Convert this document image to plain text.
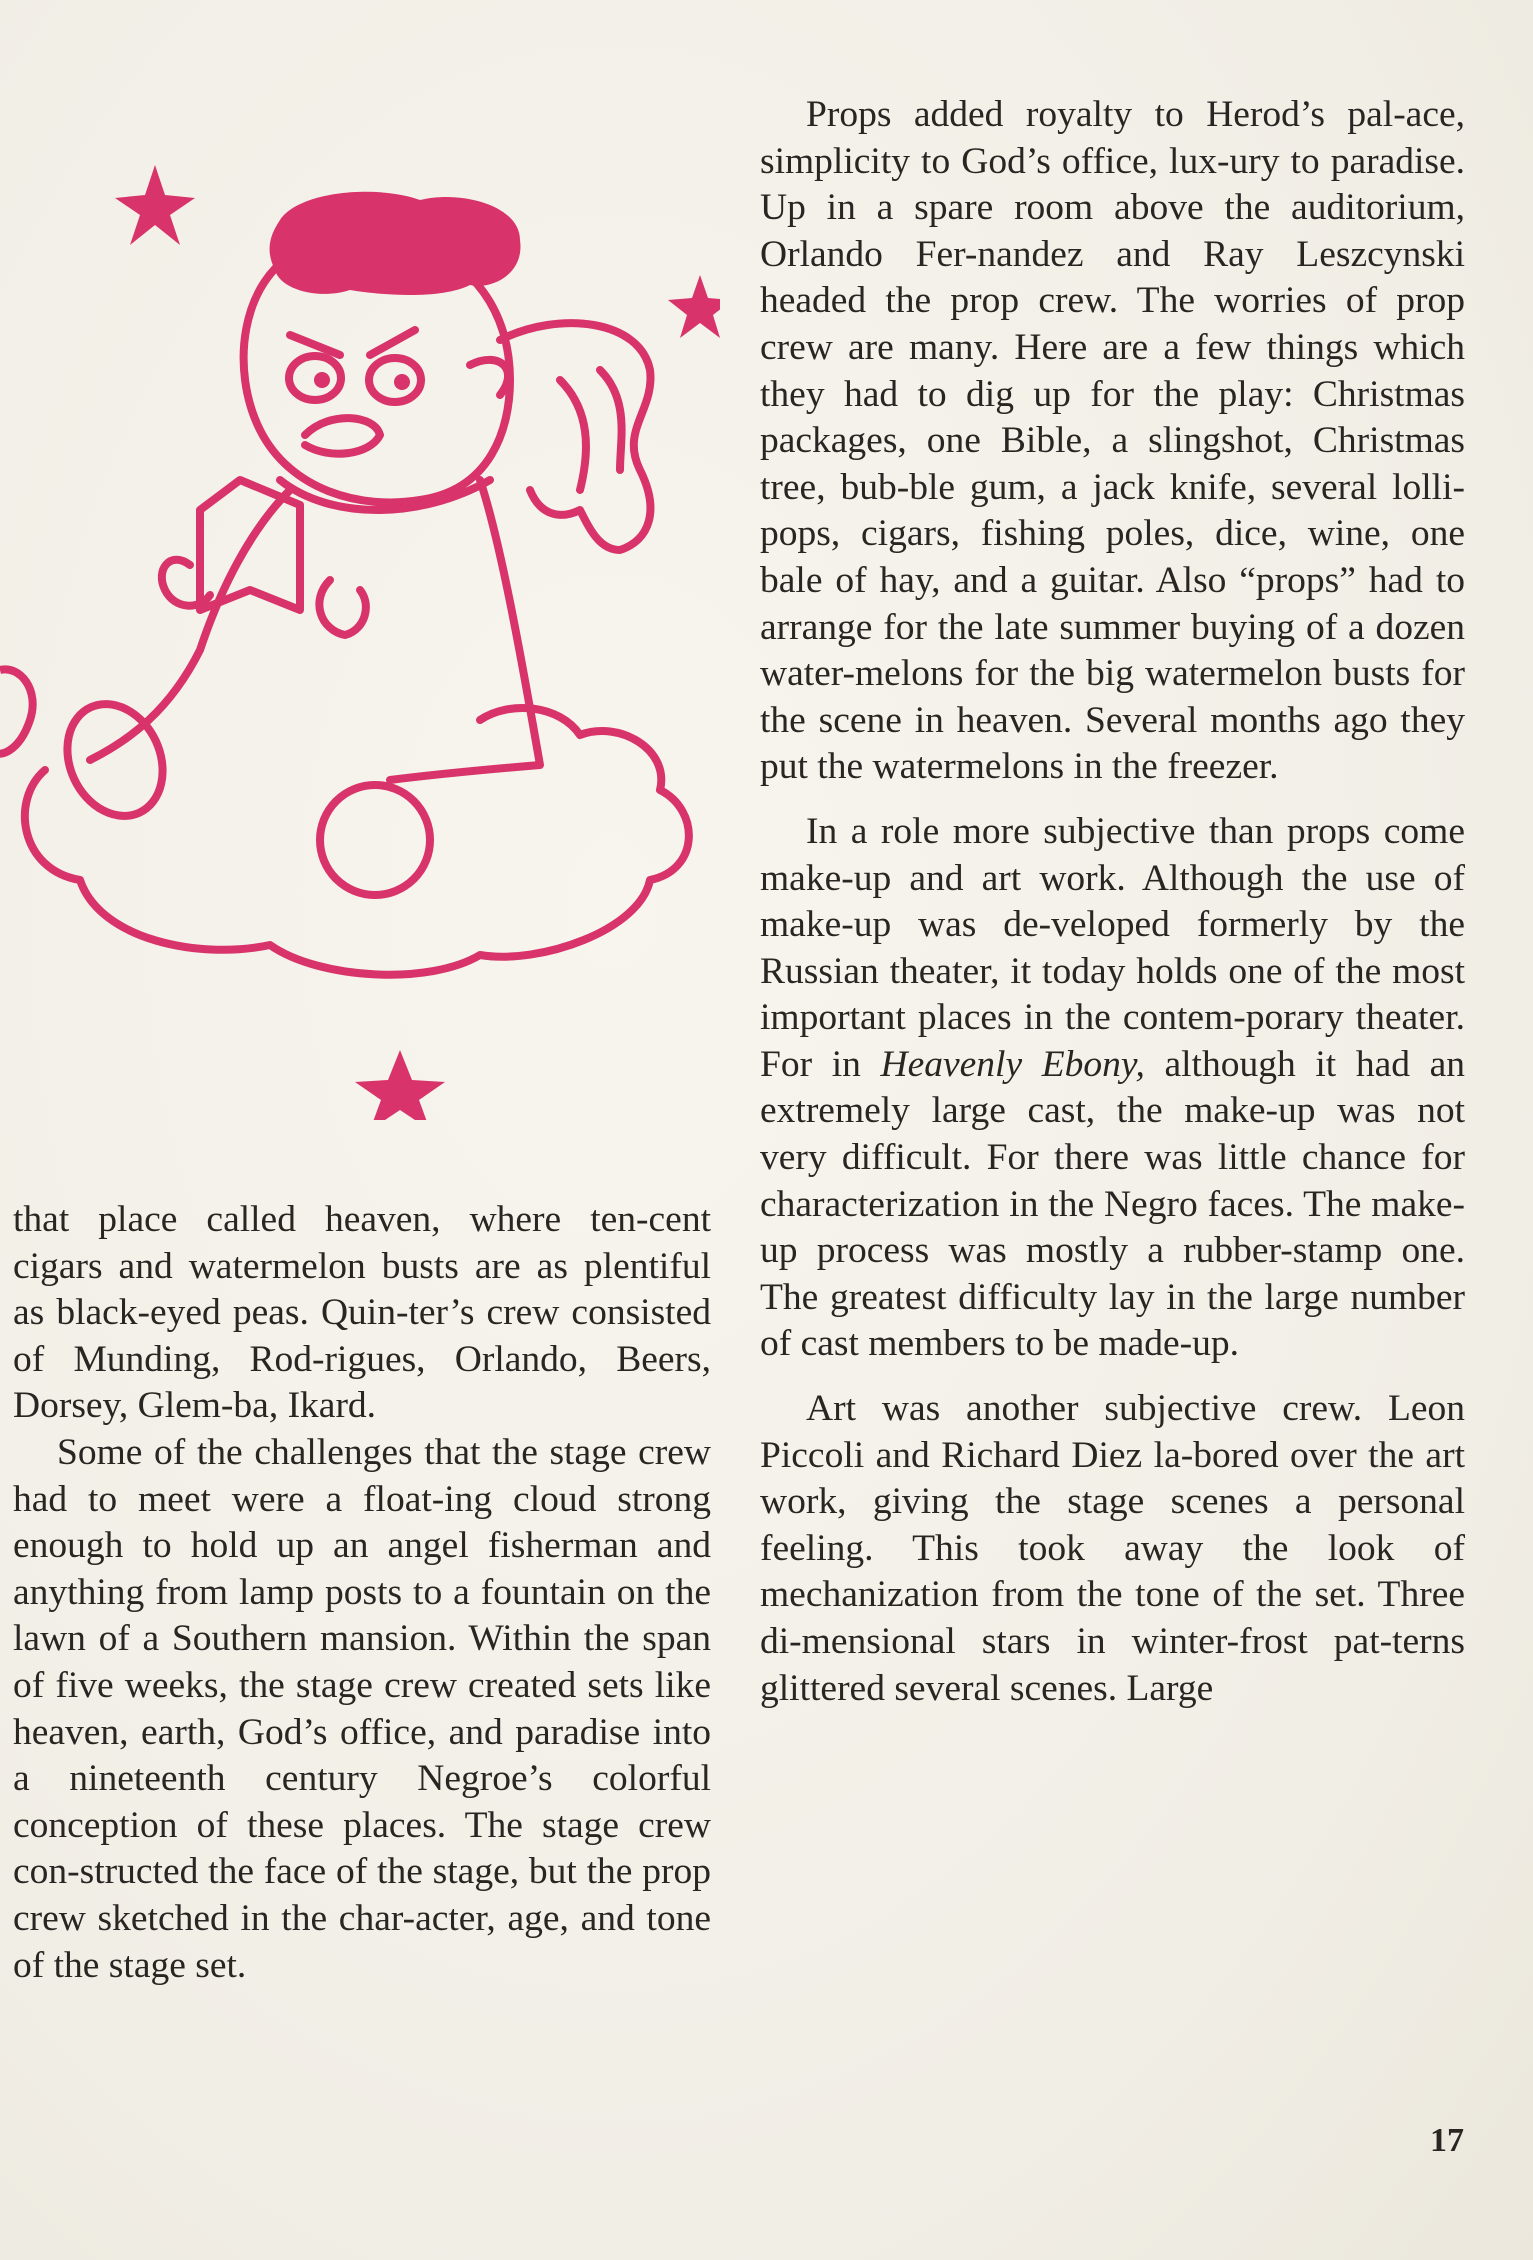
that place called heaven, where ten-cent cigars and watermelon busts are as plentiful as black-eyed peas. Quin-ter’s crew consisted of Munding, Rod-rigues, Orlando, Beers, Dorsey, Glem-ba, Ikard.

Some of the challenges that the stage crew had to meet were a float-ing cloud strong enough to hold up an angel fisherman and anything from lamp posts to a fountain on the lawn of a Southern mansion. Within the span of five weeks, the stage crew created sets like heaven, earth, God’s office, and paradise into a nineteenth century Negroe’s colorful conception of these places. The stage crew con-structed the face of the stage, but the prop crew sketched in the char-acter, age, and tone of the stage set.

Props added royalty to Herod’s pal-ace, simplicity to God’s office, lux-ury to paradise. Up in a spare room above the auditorium, Orlando Fer-nandez and Ray Leszcynski headed the prop crew. The worries of prop crew are many. Here are a few things which they had to dig up for the play: Christmas packages, one Bible, a slingshot, Christmas tree, bub-ble gum, a jack knife, several lolli-pops, cigars, fishing poles, dice, wine, one bale of hay, and a guitar. Also “props” had to arrange for the late summer buying of a dozen water-melons for the big watermelon busts for the scene in heaven. Several months ago they put the watermelons in the freezer.

In a role more subjective than props come make-up and art work. Although the use of make-up was de-veloped formerly by the Russian theater, it today holds one of the most important places in the contem-porary theater. For in Heavenly Ebony, although it had an extremely large cast, the make-up was not very difficult. For there was little chance for characterization in the Negro faces. The make-up process was mostly a rubber-stamp one. The greatest difficulty lay in the large number of cast members to be made-up.

Art was another subjective crew. Leon Piccoli and Richard Diez la-bored over the art work, giving the stage scenes a personal feeling. This took away the look of mechanization from the tone of the set. Three di-mensional stars in winter-frost pat-terns glittered several scenes. Large

17
